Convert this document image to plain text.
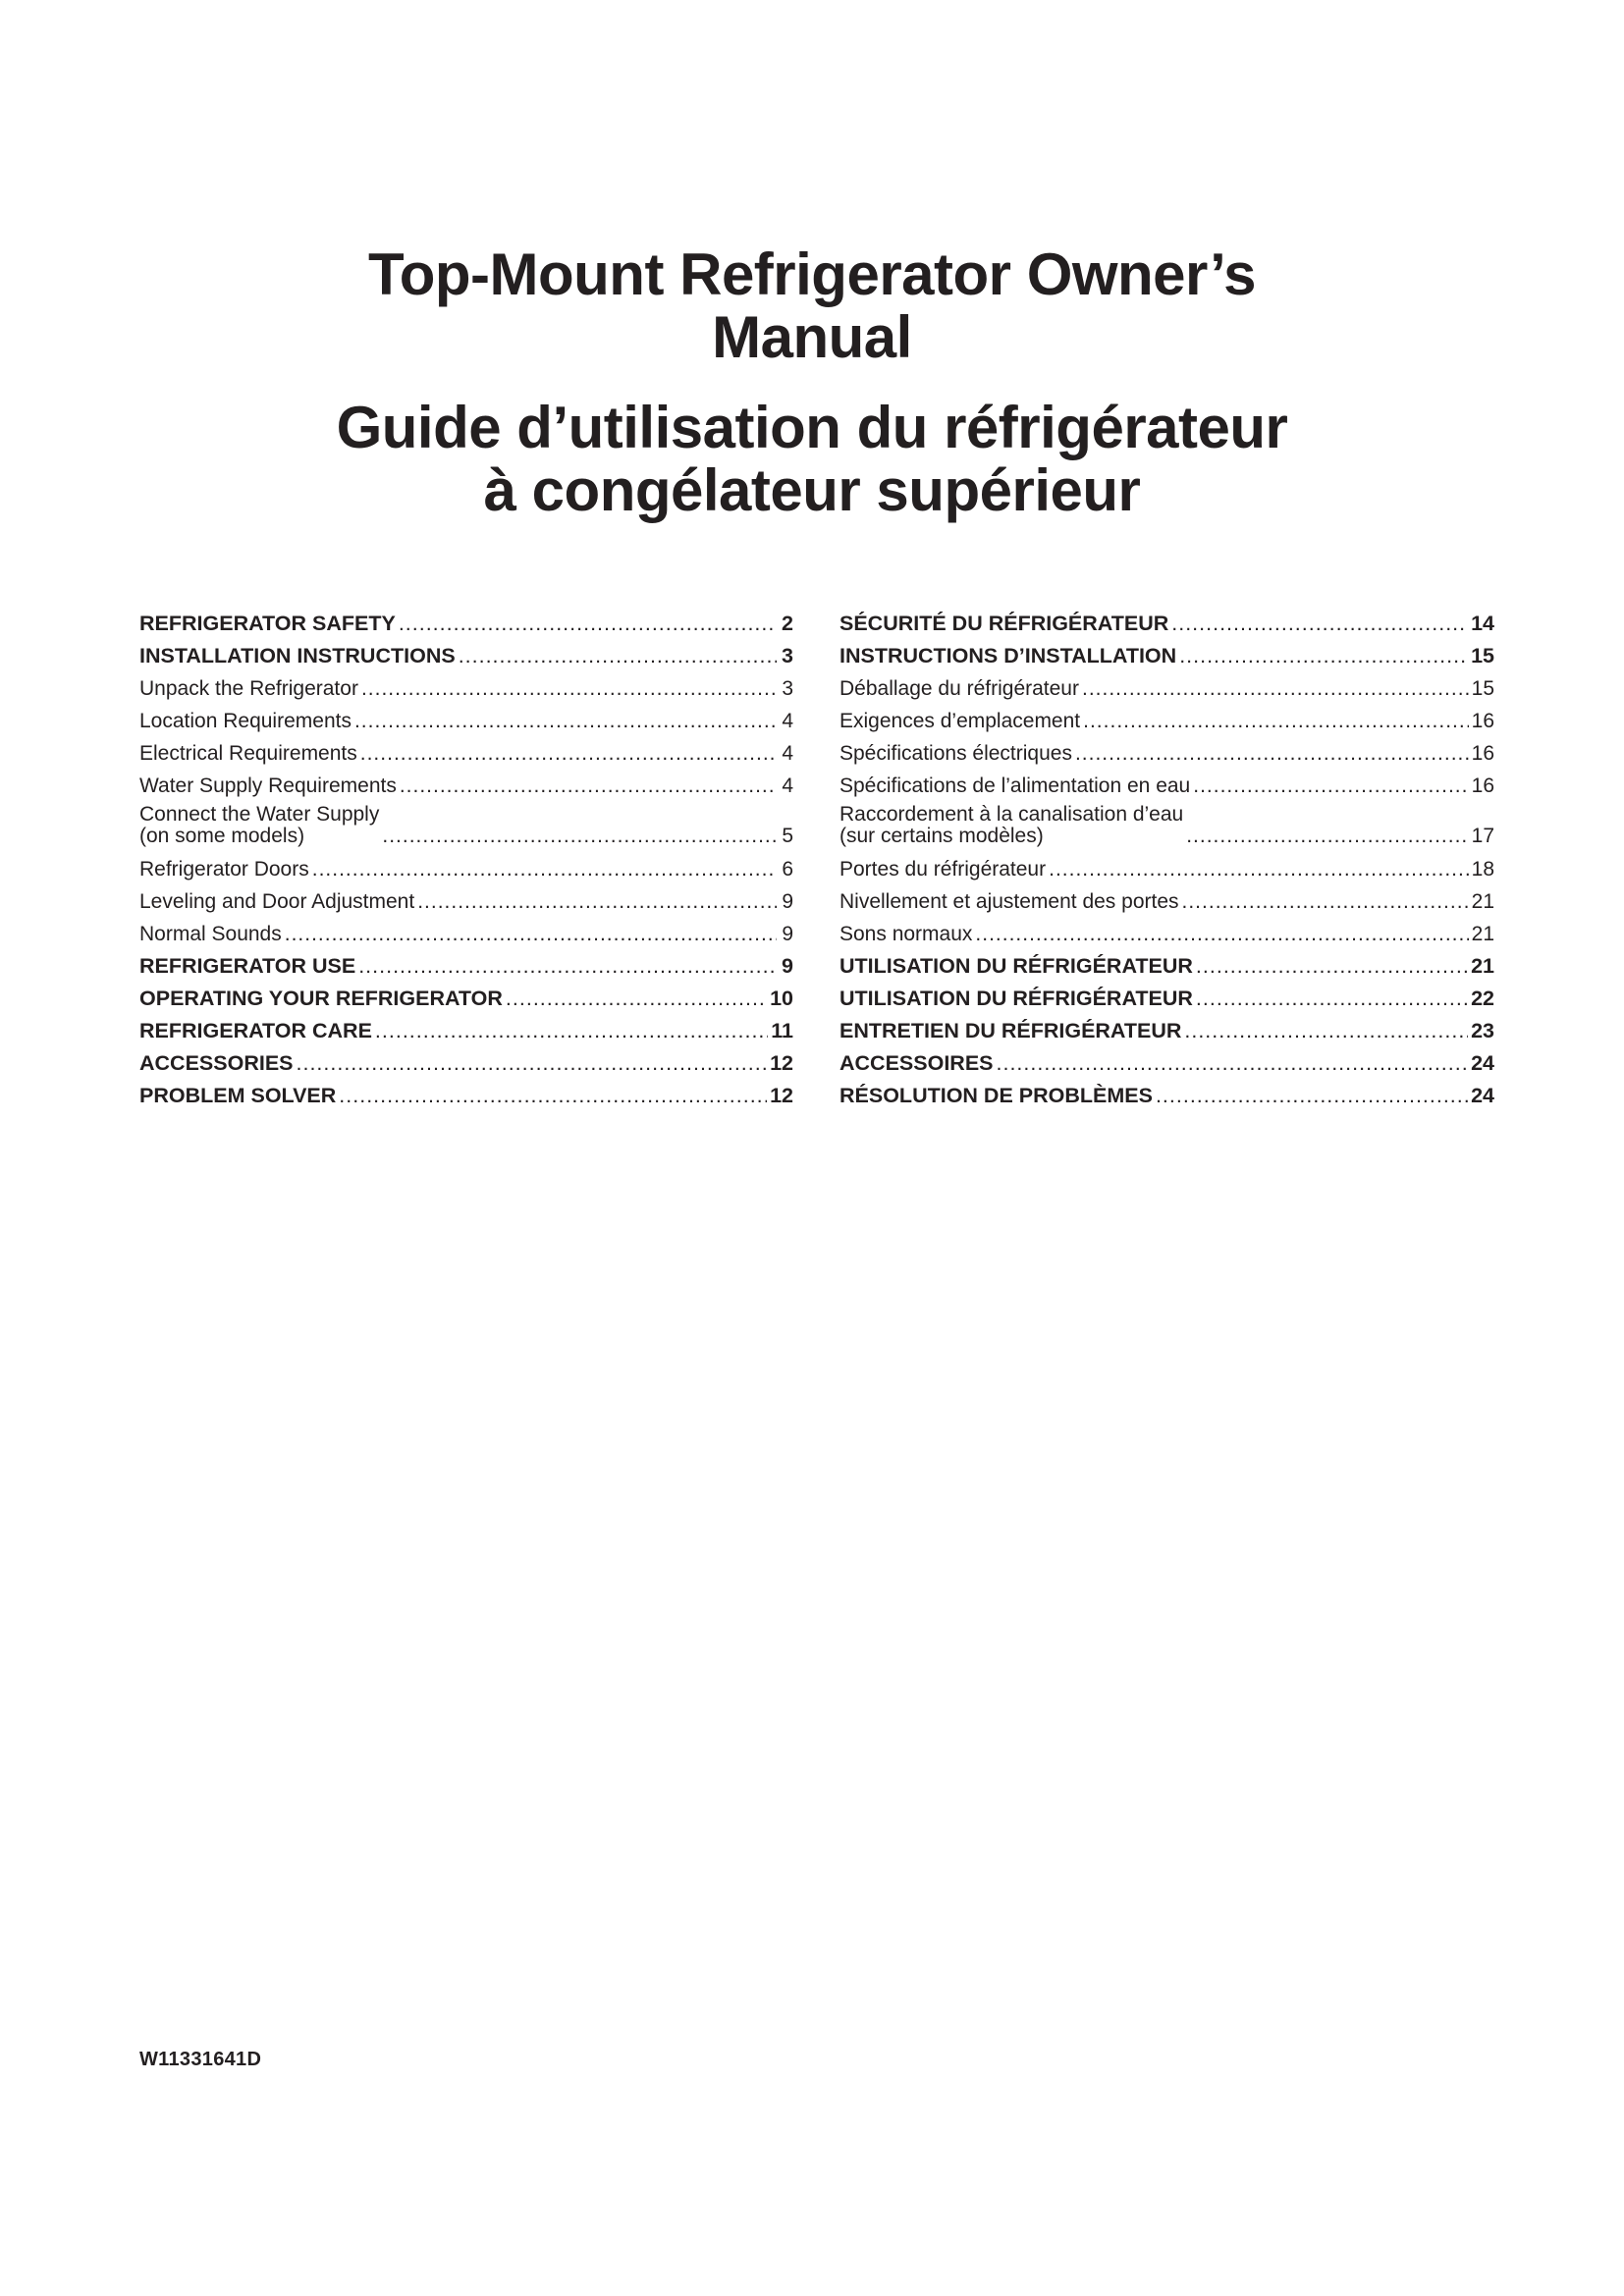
Top-Mount Refrigerator Owner’s

Manual

Guide d’utilisation du réfrigérateur

à congélateur supérieur

REFRIGERATOR SAFETY .....	2
INSTALLATION INSTRUCTIONS .....	3
Unpack the Refrigerator .....	3
Location Requirements .....	4
Electrical Requirements .....	4
Water Supply Requirements .....	4
Connect the Water Supply
(on some models) .....	5
Refrigerator Doors .....	6
Leveling and Door Adjustment .....	9
Normal Sounds .....	9
REFRIGERATOR USE .....	9
OPERATING YOUR REFRIGERATOR .....	10
REFRIGERATOR CARE .....	11
ACCESSORIES .....	12
PROBLEM SOLVER .....	12
SÉCURITÉ DU RÉFRIGÉRATEUR .....	14
INSTRUCTIONS D’INSTALLATION .....	15
Déballage du réfrigérateur .....	15
Exigences d’emplacement .....	16
Spécifications électriques .....	16
Spécifications de l’alimentation en eau .....	16
Raccordement à la canalisation d’eau
(sur certains modèles) .....	17
Portes du réfrigérateur .....	18
Nivellement et ajustement des portes .....	21
Sons normaux .....	21
UTILISATION DU RÉFRIGÉRATEUR .....	21
UTILISATION DU RÉFRIGÉRATEUR .....	22
ENTRETIEN DU RÉFRIGÉRATEUR .....	23
ACCESSOIRES .....	24
RÉSOLUTION DE PROBLÈMES .....	24
W11331641D
